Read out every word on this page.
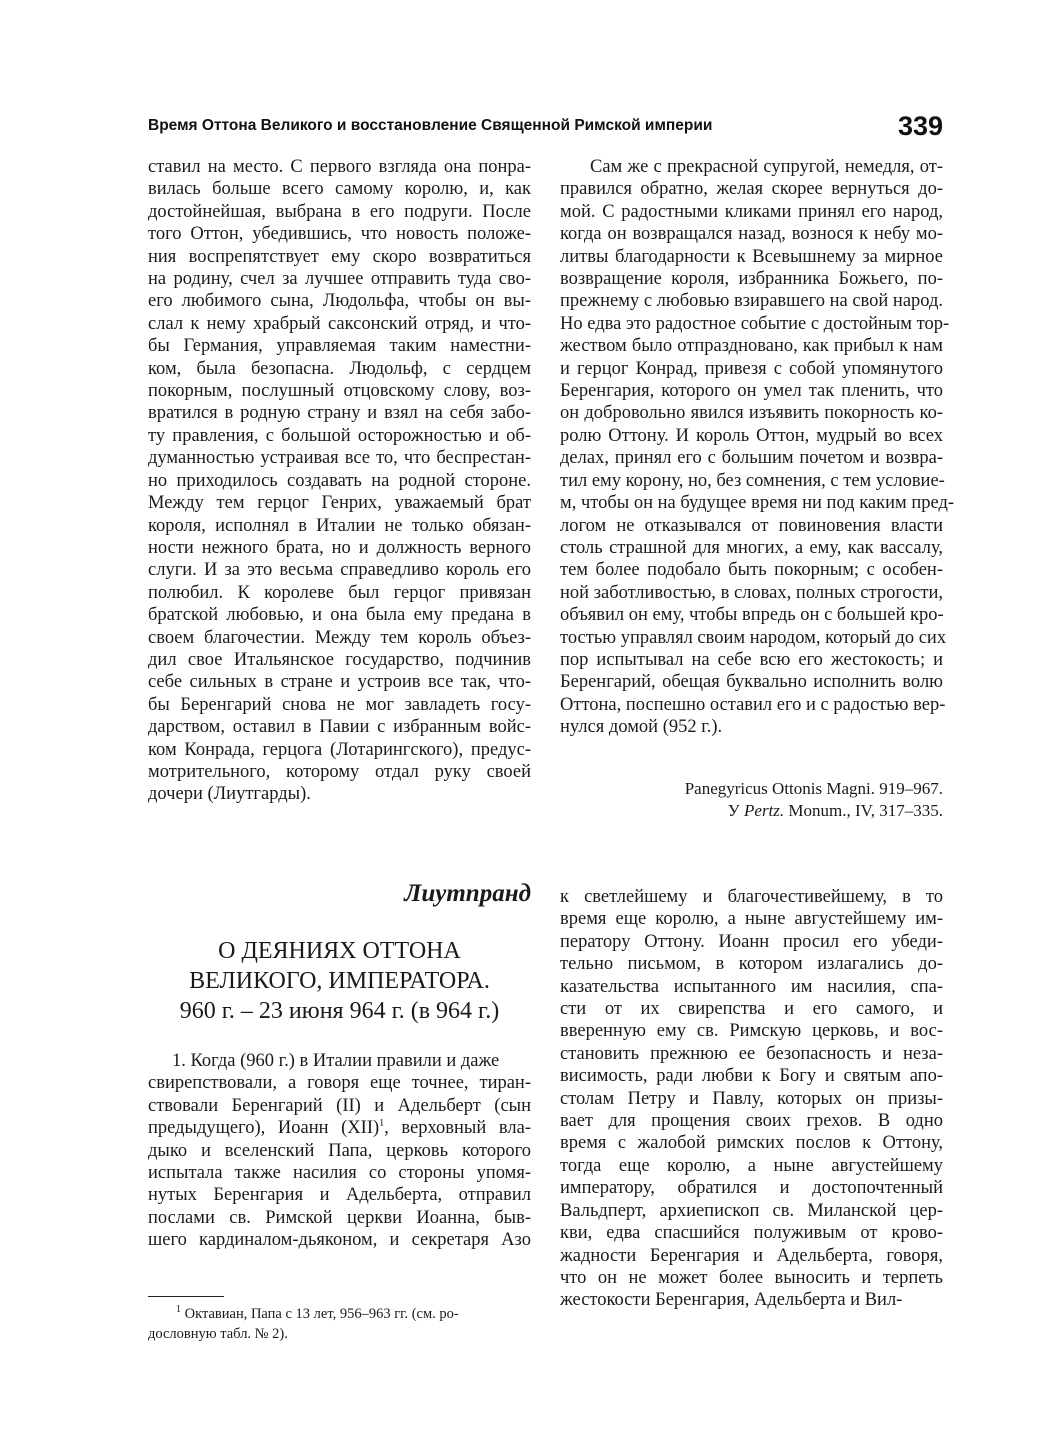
Время Оттона Великого и восстановление Священной Римской империи	339
ставил на место. С первого взгляда она понра-
вилась больше всего самому королю, и, как
достойнейшая, выбрана в его подруги. После
того Оттон, убедившись, что новость положе-
ния воспрепятствует ему скоро возвратиться
на родину, счел за лучшее отправить туда сво-
его любимого сына, Людольфа, чтобы он вы-
слал к нему храбрый саксонский отряд, и что-
бы Германия, управляемая таким наместни-
ком, была безопасна. Людольф, с сердцем
покорным, послушный отцовскому слову, воз-
вратился в родную страну и взял на себя забо-
ту правления, с большой осторожностью и об-
думанностью устраивая все то, что беспрестан-
но приходилось создавать на родной стороне.
Между тем герцог Генрих, уважаемый брат
короля, исполнял в Италии не только обязан-
ности нежного брата, но и должность верного
слуги. И за это весьма справедливо король его
полюбил. К королеве был герцог привязан
братской любовью, и она была ему предана в
своем благочестии. Между тем король объез-
дил свое Итальянское государство, подчинив
себе сильных в стране и устроив все так, что-
бы Беренгарий снова не мог завладеть госу-
дарством, оставил в Павии с избранным войс-
ком Конрада, герцога (Лотарингского), предус-
мотрительного, которому отдал руку своей
дочери (Лиутгарды).
Сам же с прекрасной супругой, немедля, от-
правился обратно, желая скорее вернуться до-
мой. С радостными кликами принял его народ,
когда он возвращался назад, вознося к небу мо-
литвы благодарности к Всевышнему за мирное
возвращение короля, избранника Божьего, по-
прежнему с любовью взиравшего на свой народ.
Но едва это радостное событие с достойным тор-
жеством было отпраздновано, как прибыл к нам
и герцог Конрад, привезя с собой упомянутого
Беренгария, которого он умел так пленить, что
он добровольно явился изъявить покорность ко-
ролю Оттону. И король Оттон, мудрый во всех
делах, принял его с большим почетом и возвра-
тил ему корону, но, без сомнения, с тем условие-
м, чтобы он на будущее время ни под каким пред-
логом не отказывался от повиновения власти
столь страшной для многих, а ему, как вассалу,
тем более подобало быть покорным; с особен-
ной заботливостью, в словах, полных строгости,
объявил он ему, чтобы впредь он с большей кро-
тостью управлял своим народом, который до сих
пор испытывал на себе всю его жестокость; и
Беренгарий, обещая буквально исполнить волю
Оттона, поспешно оставил его и с радостью вер-
нулся домой (952 г.).
Panegyricus Ottonis Magni. 919–967.
У Pertz. Monum., IV, 317–335.
Лиутпранд
О ДЕЯНИЯХ ОТТОНА
ВЕЛИКОГО, ИМПЕРАТОРА.
960 г. – 23 июня 964 г. (в 964 г.)
1. Когда (960 г.) в Италии правили и даже
свирепствовали, а говоря еще точнее, тиран-
ствовали Беренгарий (II) и Адельберт (сын
предыдущего), Иоанн (XII)$^1$, верховный вла-
дыко и вселенский Папа, церковь которого
испытала также насилия со стороны упомя-
нутых Беренгария и Адельберта, отправил
послами св. Римской церкви Иоанна, быв-
шего кардиналом-дьяконом, и секретаря Азо
к светлейшему и благочестивейшему, в то
время еще королю, а ныне августейшему им-
ператору Оттону. Иоанн просил его убеди-
тельно письмом, в котором излагались до-
казательства испытанного им насилия, спа-
сти от их свирепства и его самого, и
вверенную ему св. Римскую церковь, и вос-
становить прежнюю ее безопасность и неза-
висимость, ради любви к Богу и святым апо-
столам Петру и Павлу, которых он призы-
вает для прощения своих грехов. В одно
время с жалобой римских послов к Оттону,
тогда еще королю, а ныне августейшему
императору, обратился и достопочтенный
Вальдперт, архиепископ св. Миланской цер-
кви, едва спасшийся полуживым от крово-
жадности Беренгария и Адельберта, говоря,
что он не может более выносить и терпеть
жестокости Беренгария, Адельберта и Вил-
$^1$ Октавиан, Папа с 13 лет, 956–963 гг. (см. ро-
дословную табл. № 2).
